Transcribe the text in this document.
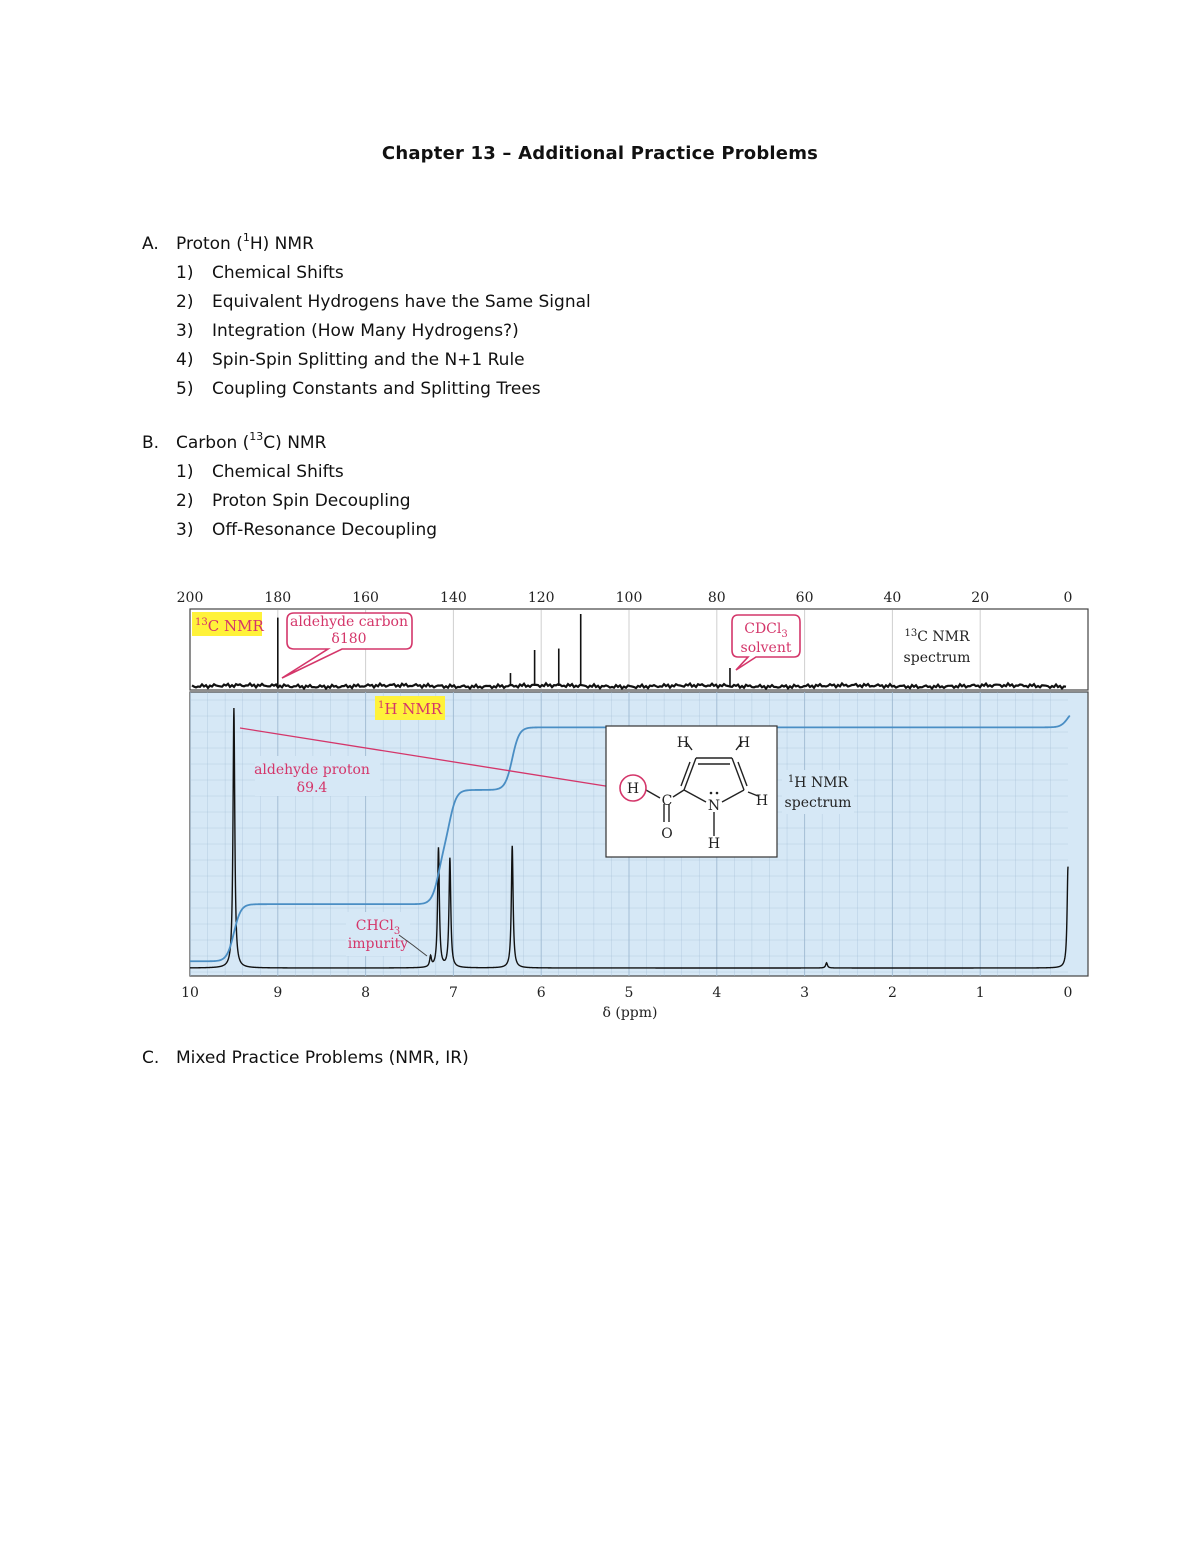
Chapter 13 – Additional Practice Problems
A.	Proton ($^1$H) NMR
1)	Chemical Shifts
2)	Equivalent Hydrogens have the Same Signal
3)	Integration (How Many Hydrogens?)
4)	Spin-Spin Splitting and the N+1 Rule
5)	Coupling Constants and Splitting Trees
B. Carbon ($^{13}$C) NMR
1)	Chemical Shifts
2)	Proton Spin Decoupling
3)	Off-Resonance Decoupling
C. Mixed Practice Problems (NMR, IR)
200	180	160	140	120	100	80	60	40	20	0
10	9	8	7	6	5	4	3	2	1	0
δ (ppm)
$^{13}$C NMR aldehyde carbon
δ180
CDCl$_3$
solvent
$^{13}$C NMR
spectrum
$^1$H NMR
aldehyde proton
δ9.4
CHCl$_3$
impurity
$^1$H NMR
spectrum
H	H
H
C
O
N
H
H
